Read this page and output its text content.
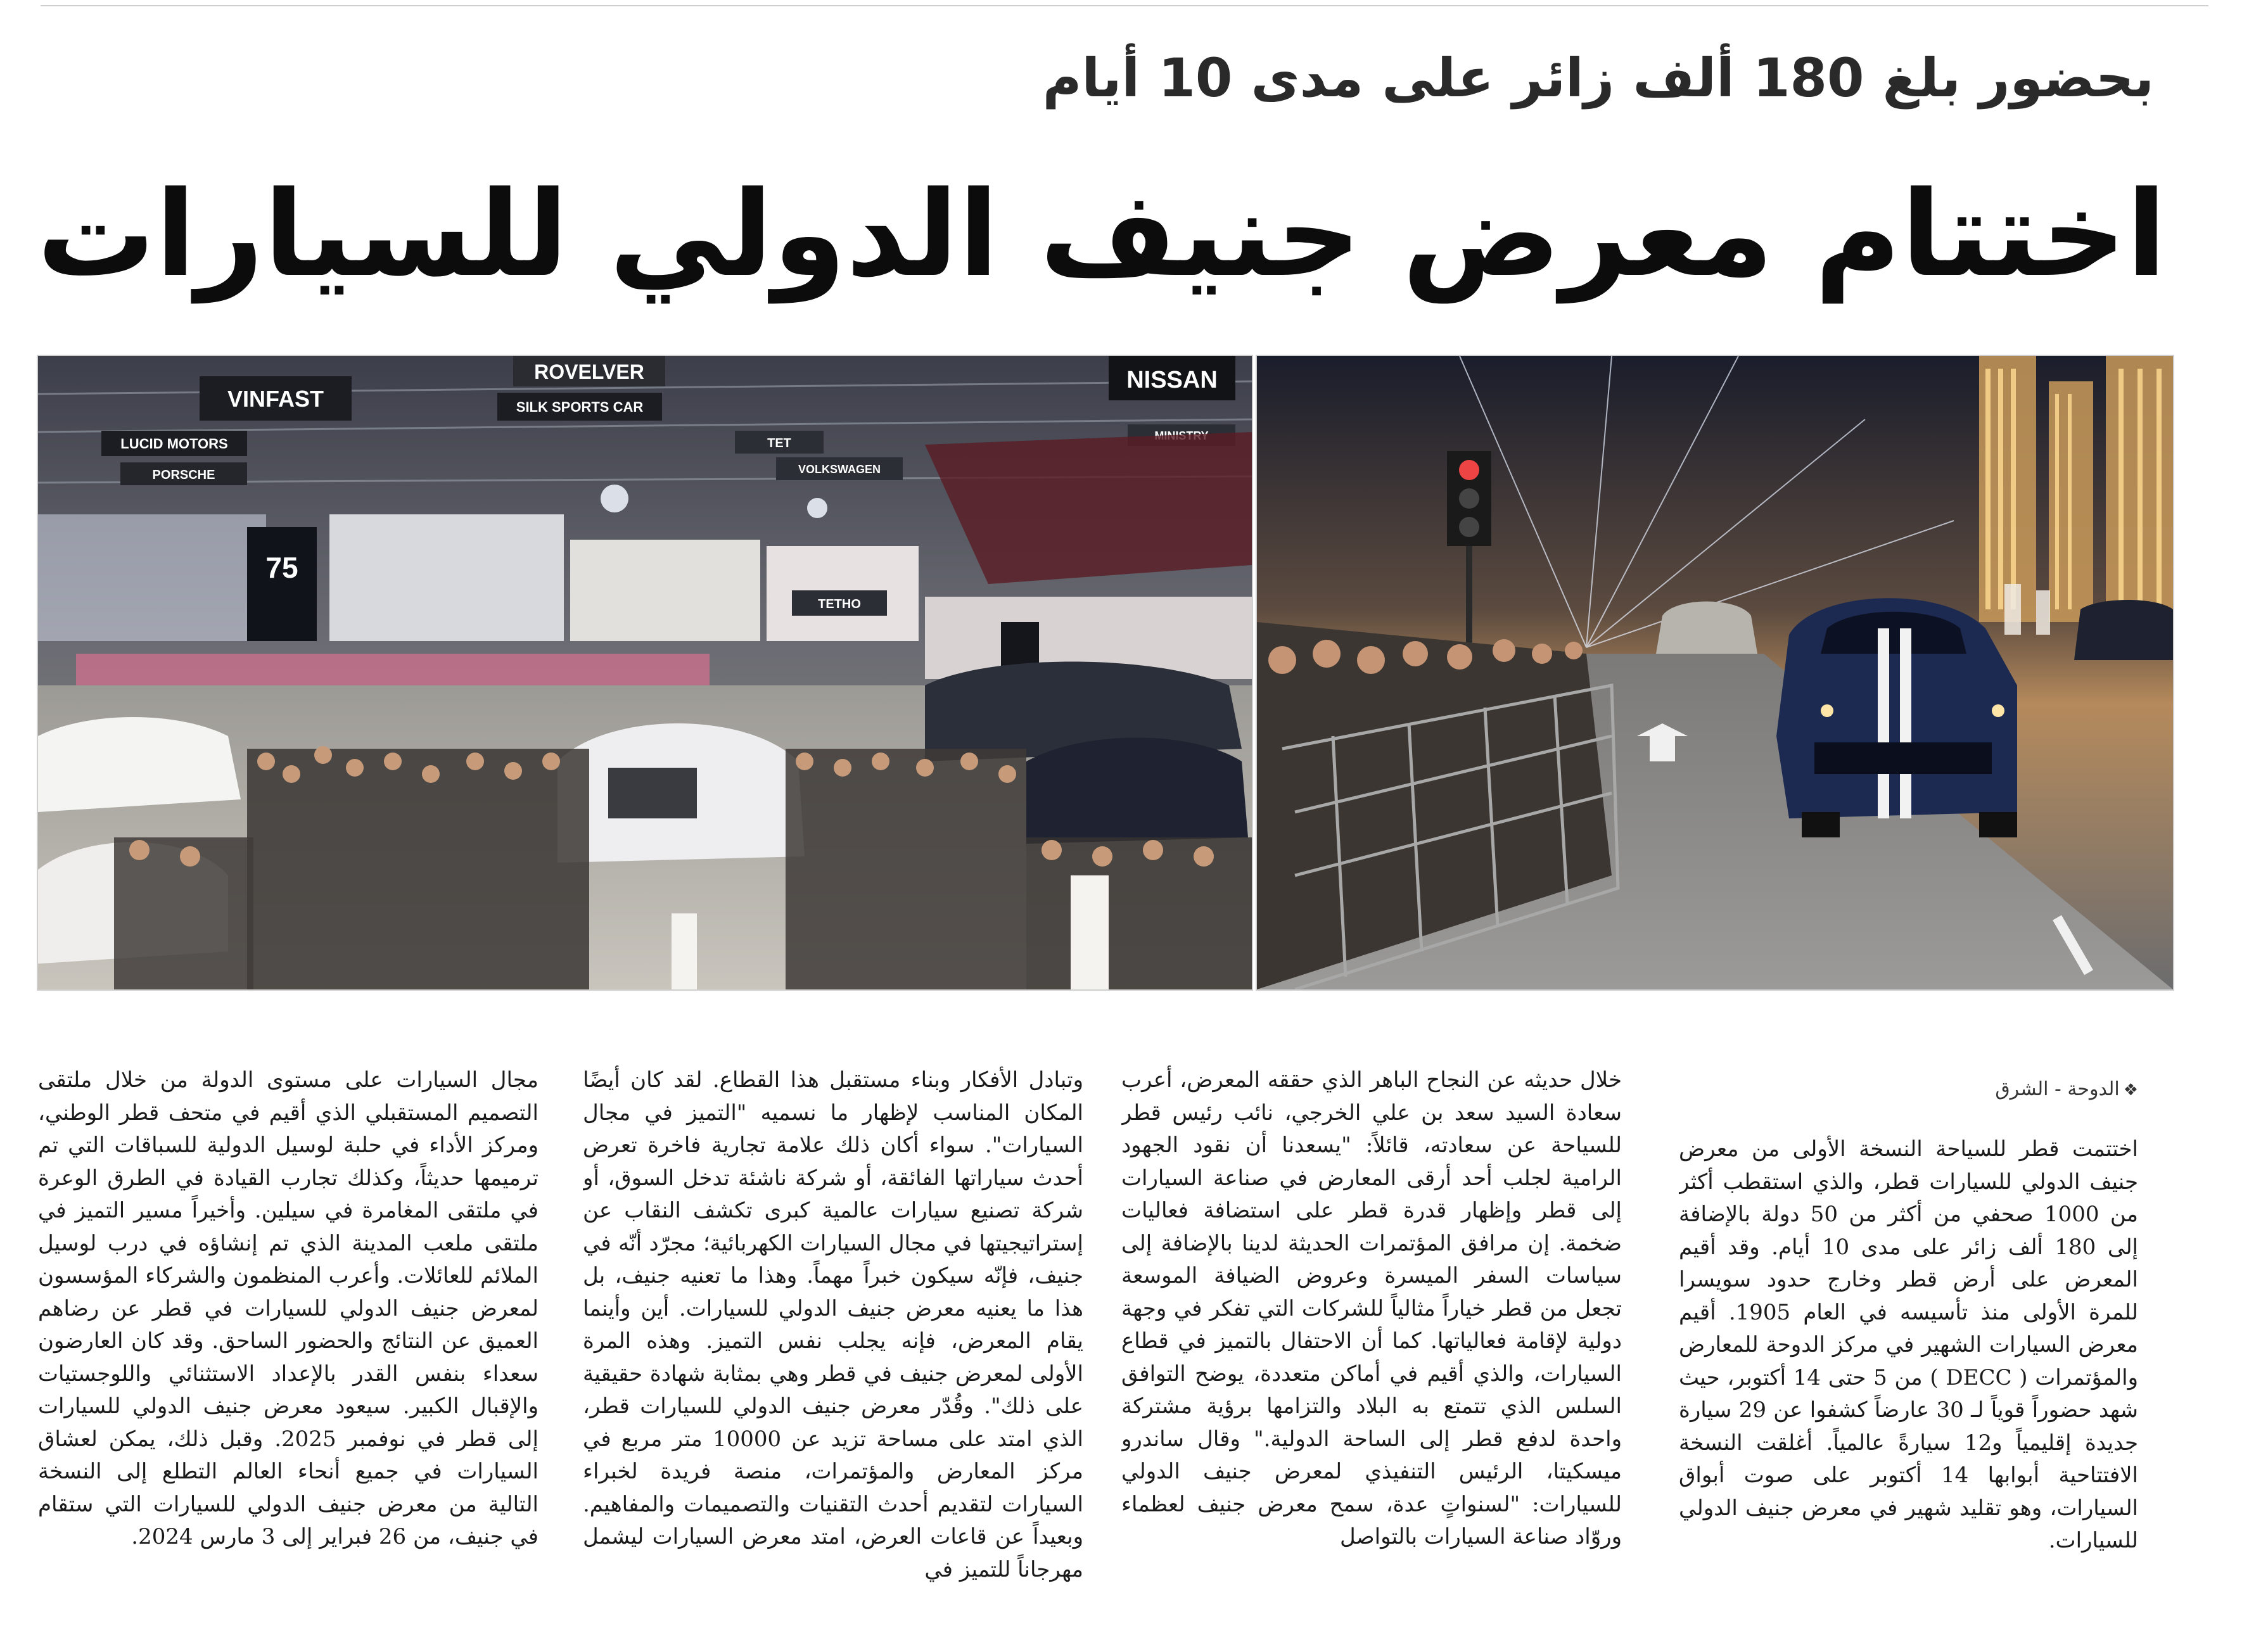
بحضور بلغ 180 ألف زائر على مدى 10 أيام
اختتام معرض جنيف الدولي للسيارات
VINFAST
ROVELVER
SILK SPORTS CAR
NISSAN
LUCID MOTORS
PORSCHE	VOLKSWAGEN
TET
75
TETHO
❖الدوحة - الشرق

اختتمت قطر للسياحة النسخة الأولى من معرض جنيف الدولي للسيارات قطر، والذي استقطب أكثر من 1000 صحفي من أكثر من 50 دولة بالإضافة إلى 180 ألف زائر على مدى 10 أيام. وقد أقيم المعرض على أرض قطر وخارج حدود سويسرا للمرة الأولى منذ تأسيسه في العام 1905. أقيم معرض السيارات الشهير في مركز الدوحة للمعارض والمؤتمرات ( DECC ) من 5 حتى 14 أكتوبر، حيث شهد حضوراً قوياً لـ 30 عارضاً كشفوا عن 29 سيارة جديدة إقليمياً و12 سيارةً عالمياً. أغلقت النسخة الافتتاحية أبوابها 14 أكتوبر على صوت أبواق السيارات، وهو تقليد شهير في معرض جنيف الدولي للسيارات.

خلال حديثه عن النجاح الباهر الذي حققه المعرض، أعرب سعادة السيد سعد بن علي الخرجي، نائب رئيس قطر للسياحة عن سعادته، قائلاً: "يسعدنا أن نقود الجهود الرامية لجلب أحد أرقى المعارض في صناعة السيارات إلى قطر وإظهار قدرة قطر على استضافة فعاليات ضخمة. إن مرافق المؤتمرات الحديثة لدينا بالإضافة إلى سياسات السفر الميسرة وعروض الضيافة الموسعة تجعل من قطر خياراً مثالياً للشركات التي تفكر في وجهة دولية لإقامة فعالياتها. كما أن الاحتفال بالتميز في قطاع السيارات، والذي أقيم في أماكن متعددة، يوضح التوافق السلس الذي تتمتع به البلاد والتزامها برؤية مشتركة واحدة لدفع قطر إلى الساحة الدولية." وقال ساندرو ميسكيتا، الرئيس التنفيذي لمعرض جنيف الدولي للسيارات: "لسنواتٍ عدة، سمح معرض جنيف لعظماء وروّاد صناعة السيارات بالتواصل

وتبادل الأفكار وبناء مستقبل هذا القطاع. لقد كان أيضًا المكان المناسب لإظهار ما نسميه "التميز في مجال السيارات". سواء أكان ذلك علامة تجارية فاخرة تعرض أحدث سياراتها الفائقة، أو شركة ناشئة تدخل السوق، أو شركة تصنيع سيارات عالمية كبرى تكشف النقاب عن إستراتيجيتها في مجال السيارات الكهربائية؛ مجرّد أنّه في جنيف، فإنّه سيكون خبراً مهماً. وهذا ما تعنيه جنيف، بل هذا ما يعنيه معرض جنيف الدولي للسيارات. أين وأينما يقام المعرض، فإنه يجلب نفس التميز. وهذه المرة الأولى لمعرض جنيف في قطر وهي بمثابة شهادة حقيقية على ذلك". وقُدّر معرض جنيف الدولي للسيارات قطر، الذي امتد على مساحة تزيد عن 10000 متر مربع في مركز المعارض والمؤتمرات، منصة فريدة لخبراء السيارات لتقديم أحدث التقنيات والتصميمات والمفاهيم. وبعيداً عن قاعات العرض، امتد معرض السيارات ليشمل مهرجاناً للتميز في

مجال السيارات على مستوى الدولة من خلال ملتقى التصميم المستقبلي الذي أقيم في متحف قطر الوطني، ومركز الأداء في حلبة لوسيل الدولية للسباقات التي تم ترميمها حديثاً، وكذلك تجارب القيادة في الطرق الوعرة في ملتقى المغامرة في سيلين. وأخيراً مسير التميز في ملتقى ملعب المدينة الذي تم إنشاؤه في درب لوسيل الملائم للعائلات. وأعرب المنظمون والشركاء المؤسسون لمعرض جنيف الدولي للسيارات في قطر عن رضاهم العميق عن النتائج والحضور الساحق. وقد كان العارضون سعداء بنفس القدر بالإعداد الاستثنائي واللوجستيات والإقبال الكبير. سيعود معرض جنيف الدولي للسيارات إلى قطر في نوفمبر 2025. وقبل ذلك، يمكن لعشاق السيارات في جميع أنحاء العالم التطلع إلى النسخة التالية من معرض جنيف الدولي للسيارات التي ستقام في جنيف، من 26 فبراير إلى 3 مارس 2024.
